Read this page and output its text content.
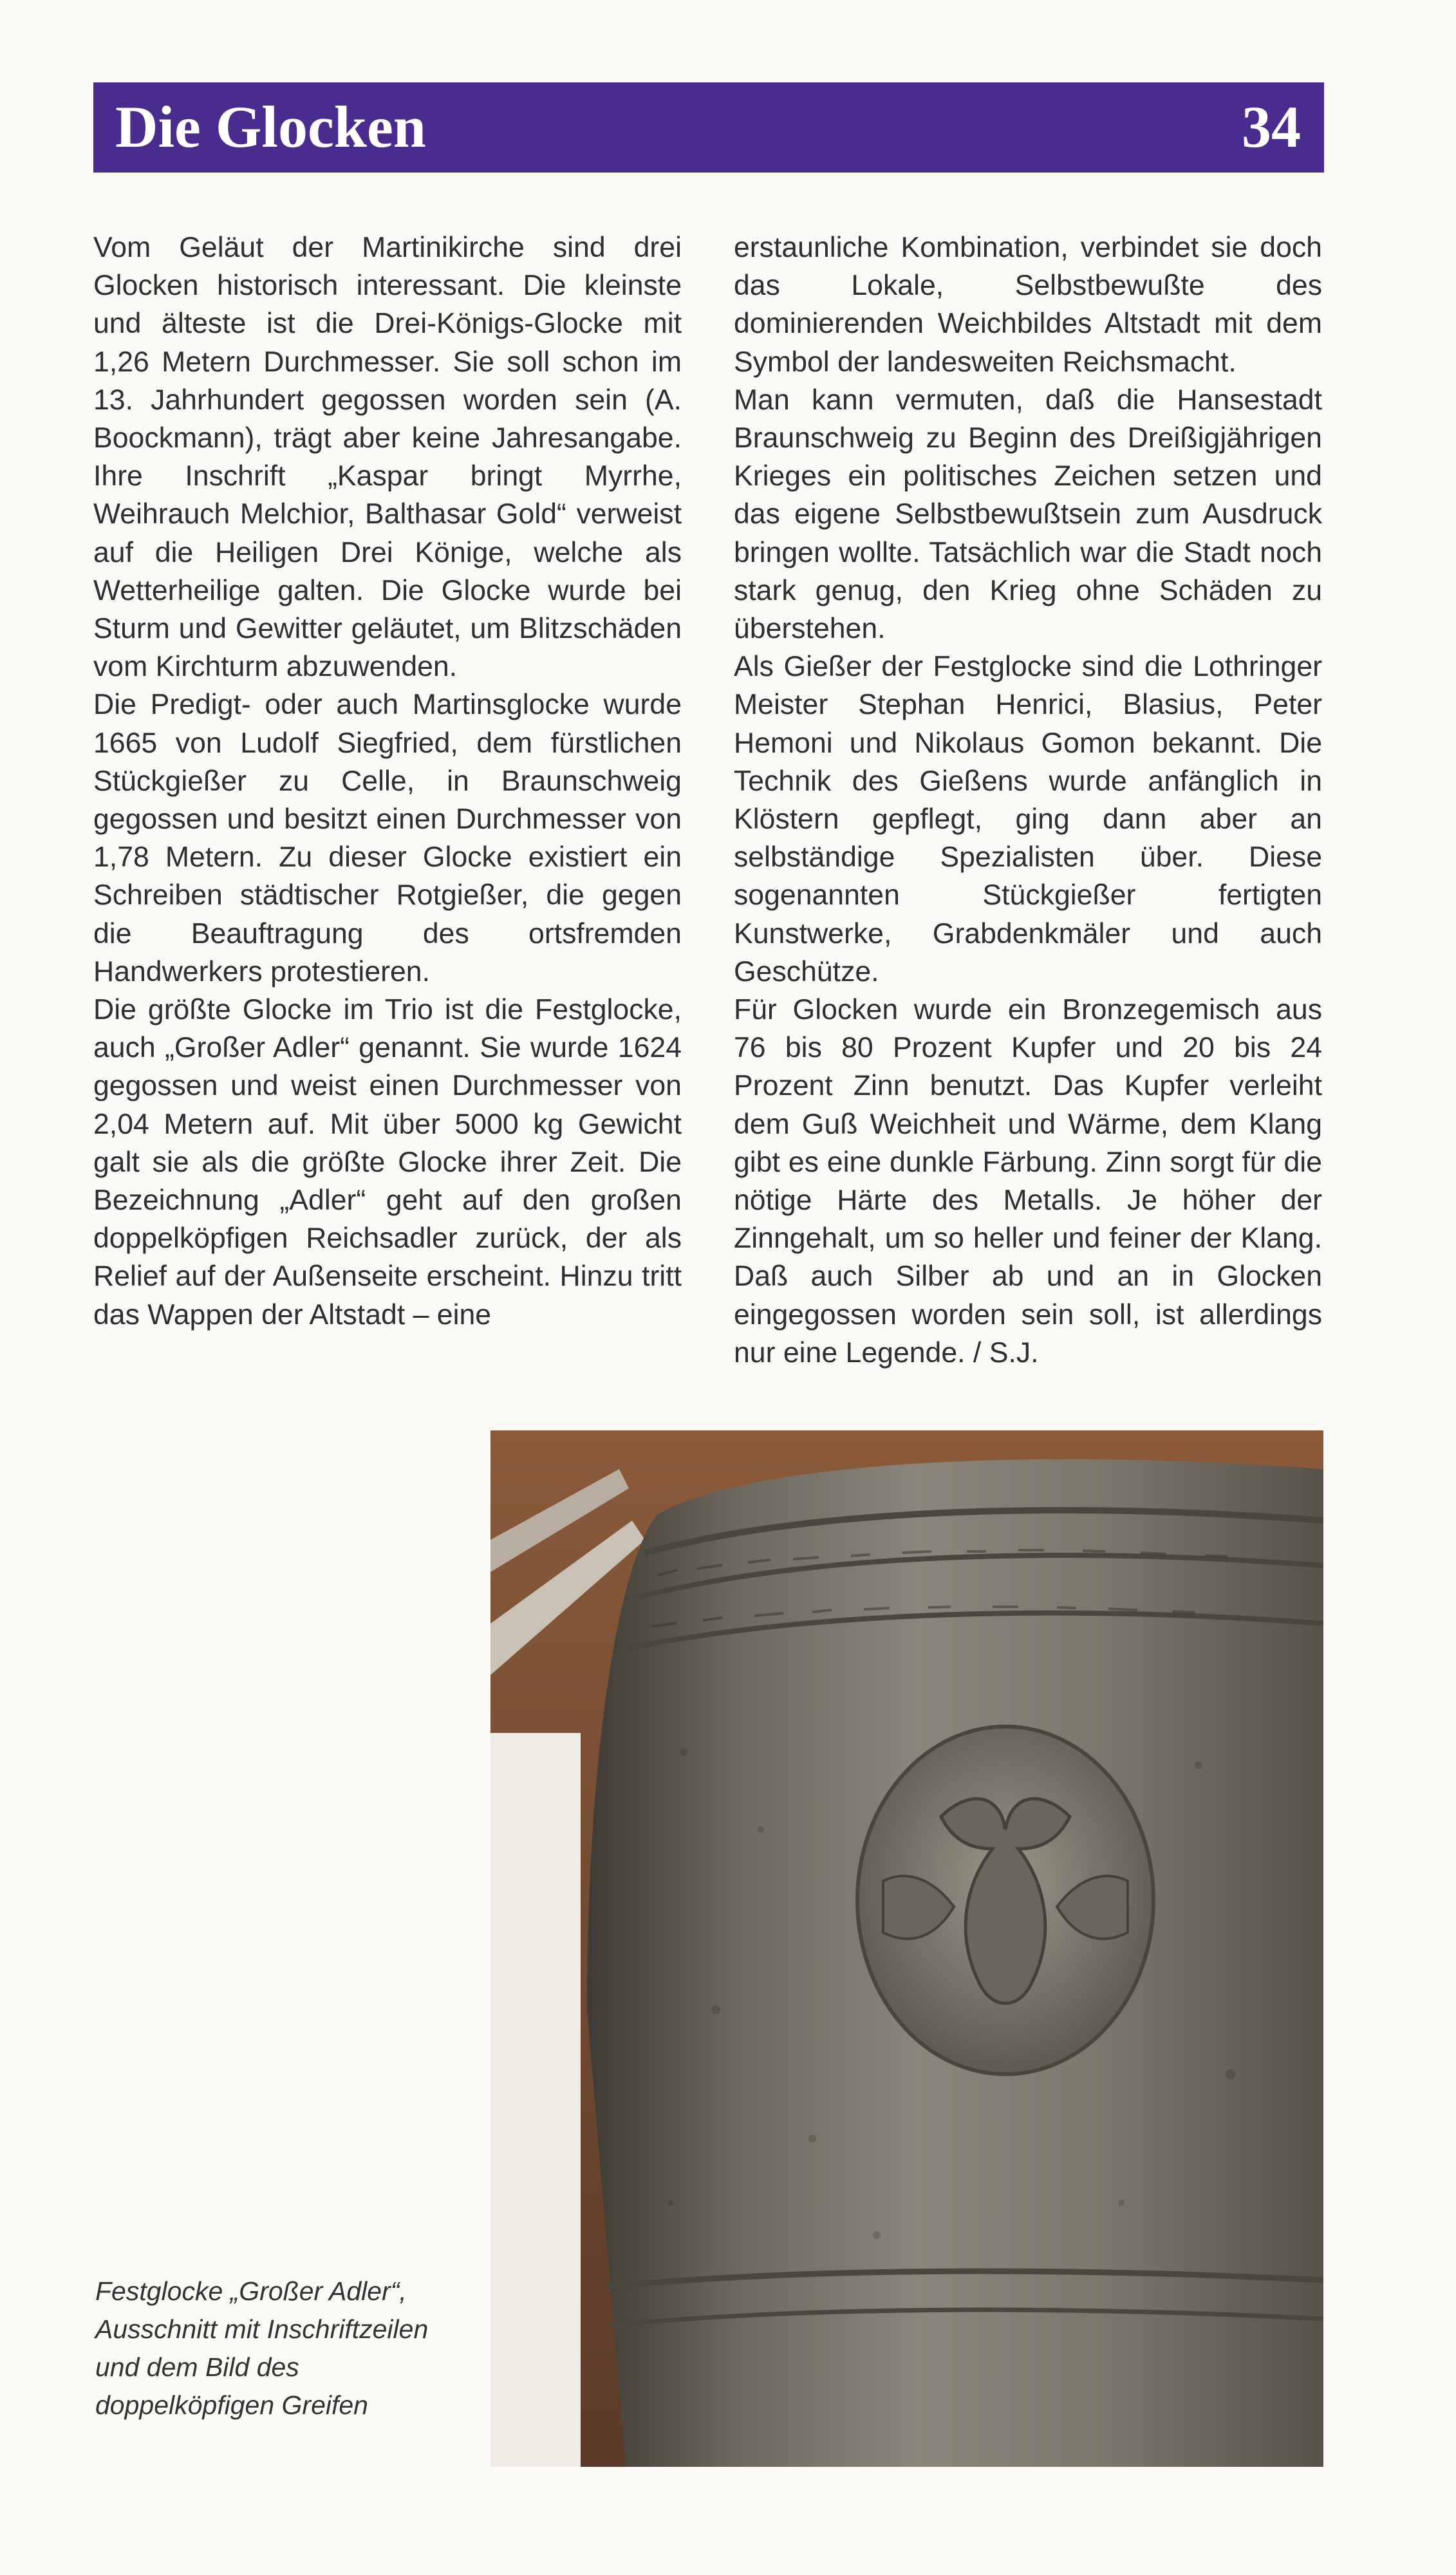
Die Glocken	34

Vom Geläut der Martinikirche sind drei Glocken historisch interessant. Die kleinste und älteste ist die Drei-Königs-Glocke mit 1,26 Metern Durchmesser. Sie soll schon im 13. Jahrhundert gegossen worden sein (A. Boockmann), trägt aber keine Jahresangabe. Ihre Inschrift „Kaspar bringt Myrrhe, Weihrauch Melchior, Balthasar Gold“ verweist auf die Heiligen Drei Könige, welche als Wetterheilige galten. Die Glocke wurde bei Sturm und Gewitter geläutet, um Blitzschäden vom Kirchturm abzuwenden.

Die Predigt- oder auch Martinsglocke wurde 1665 von Ludolf Siegfried, dem fürstlichen Stückgießer zu Celle, in Braunschweig gegossen und besitzt einen Durchmesser von 1,78 Metern. Zu dieser Glocke existiert ein Schreiben städtischer Rotgießer, die gegen die Beauftragung des ortsfremden Handwerkers protestieren.

Die größte Glocke im Trio ist die Festglocke, auch „Großer Adler“ genannt. Sie wurde 1624 gegossen und weist einen Durchmesser von 2,04 Metern auf. Mit über 5000 kg Gewicht galt sie als die größte Glocke ihrer Zeit. Die Bezeichnung „Adler“ geht auf den großen doppelköpfigen Reichsadler zurück, der als Relief auf der Außenseite erscheint. Hinzu tritt das Wappen der Altstadt – eine

erstaunliche Kombination, verbindet sie doch das Lokale, Selbstbewußte des dominierenden Weichbildes Altstadt mit dem Symbol der landesweiten Reichsmacht.

Man kann vermuten, daß die Hansestadt Braunschweig zu Beginn des Dreißigjährigen Krieges ein politisches Zeichen setzen und das eigene Selbstbewußtsein zum Ausdruck bringen wollte. Tatsächlich war die Stadt noch stark genug, den Krieg ohne Schäden zu überstehen.

Als Gießer der Festglocke sind die Lothringer Meister Stephan Henrici, Blasius, Peter Hemoni und Nikolaus Gomon bekannt. Die Technik des Gießens wurde anfänglich in Klöstern gepflegt, ging dann aber an selbständige Spezialisten über. Diese sogenannten Stückgießer fertigten Kunstwerke, Grabdenkmäler und auch Geschütze.

Für Glocken wurde ein Bronzegemisch aus 76 bis 80 Prozent Kupfer und 20 bis 24 Prozent Zinn benutzt. Das Kupfer verleiht dem Guß Weichheit und Wärme, dem Klang gibt es eine dunkle Färbung. Zinn sorgt für die nötige Härte des Metalls. Je höher der Zinngehalt, um so heller und feiner der Klang. Daß auch Silber ab und an in Glocken eingegossen worden sein soll, ist allerdings nur eine Legende. / S.J.

Festglocke „Großer Adler“, Ausschnitt mit Inschriftzeilen und dem Bild des doppelköpfigen Greifen
